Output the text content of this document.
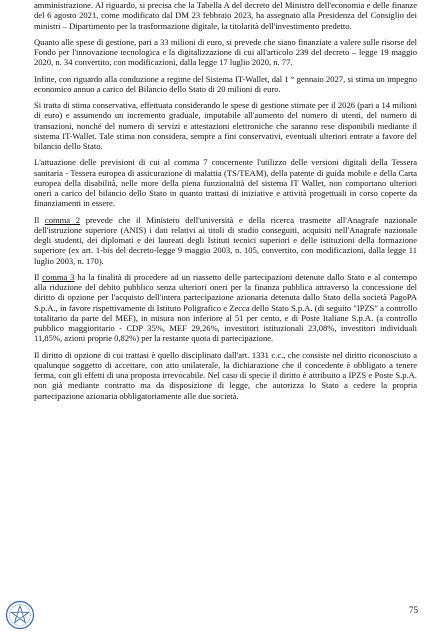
amministrazione. Al riguardo, si precisa che la Tabella A del decreto del Ministro dell'economia e delle finanze del 6 agosto 2021, come modificato dal DM 23 febbraio 2023, ha assegnato alla Presidenza del Consiglio dei ministri – Dipartimento per la trasformazione digitale, la titolarità dell'investimento predetto.

Quanto alle spese di gestione, pari a 33 milioni di euro, si prevede che siano finanziate a valere sulle risorse del Fondo per l'innovazione tecnologica e la digitalizzazione di cui all'articolo 239 del decreto – legge 19 maggio 2020, n. 34 convertito, con modificazioni, dalla legge 17 luglio 2020, n. 77.

Infine, con riguardo alla conduzione a regime del Sistema IT-Wallet, dal 1 ° gennaio 2027, si stima un impegno economico annuo a carico del Bilancio dello Stato di 20 milioni di euro.

Si tratta di stima conservativa, effettuata considerando le spese di gestione stimate per il 2026 (pari a 14 milioni di euro) e assumendo un incremento graduale, imputabile all'aumento del numero di utenti, del numero di transazioni, nonché del numero di servizi e attestazioni elettroniche che saranno rese disponibili mediante il sistema IT-Wallet. Tale stima non considera, sempre a fini conservativi, eventuali ulteriori entrate a favore del bilancio dello Stato.

L'attuazione delle previsioni di cui al comma 7 concernente l'utilizzo delle versioni digitali della Tessera sanitaria - Tessera europea di assicurazione di malattia (TS/TEAM), della patente di guida mobile e della Carta europea della disabilità, nelle more della piena funzionalità del sistema IT Wallet, non comportano ulteriori oneri a carico del bilancio dello Stato in quanto trattasi di iniziative e attività progettuali in corso coperte da finanziamenti in essere.

Il comma 2 prevede che il Ministero dell'università e della ricerca trasmette all'Anagrafe nazionale dell'istruzione superiore (ANIS) i dati relativi ai titoli di studio conseguiti, acquisiti nell'Anagrafe nazionale degli studenti, dei diplomati e dei laureati degli Istituti tecnici superiori e delle istituzioni della formazione superiore (ex art. 1-bis del decreto-legge 9 maggio 2003, n. 105, convertito, con modificazioni, dalla legge 11 luglio 2003, n. 170).

Il comma 3 ha la finalità di procedere ad un riassetto delle partecipazioni detenute dallo Stato e al contempo alla riduzione del debito pubblico senza ulteriori oneri per la finanza pubblica attraverso la concessione del diritto di opzione per l'acquisto dell'intera partecipazione azionaria detenuta dallo Stato della società PagoPA S.p.A., in favore rispettivamente di Istituto Poligrafico e Zecca dello Stato S.p.A. (di seguito "IPZS" a controllo totalitario da parte del MEF), in misura non inferiore al 51 per cento, e di Poste Italiane S.p.A. (a controllo pubblico maggioritario - CDP 35%, MEF 29,26%, investitori istituzionali 23,08%, investitori individuali 11,85%, azioni proprie 0,82%) per la restante quota di partecipazione.

Il diritto di opzione di cui trattasi è quello disciplinato dall'art. 1331 c.c., che consiste nel diritto riconosciuto a qualunque soggetto di accettare, con atto unilaterale, la dichiarazione che il concedente è obbligato a tenere ferma, con gli effetti di una proposta irrevocabile. Nel caso di specie il diritto è attribuito a IPZS e Poste S.p.A. non già mediante contratto ma da disposizione di legge, che autorizza lo Stato a cedere la propria partecipazione azionaria obbligatoriamente alle due società.

75
